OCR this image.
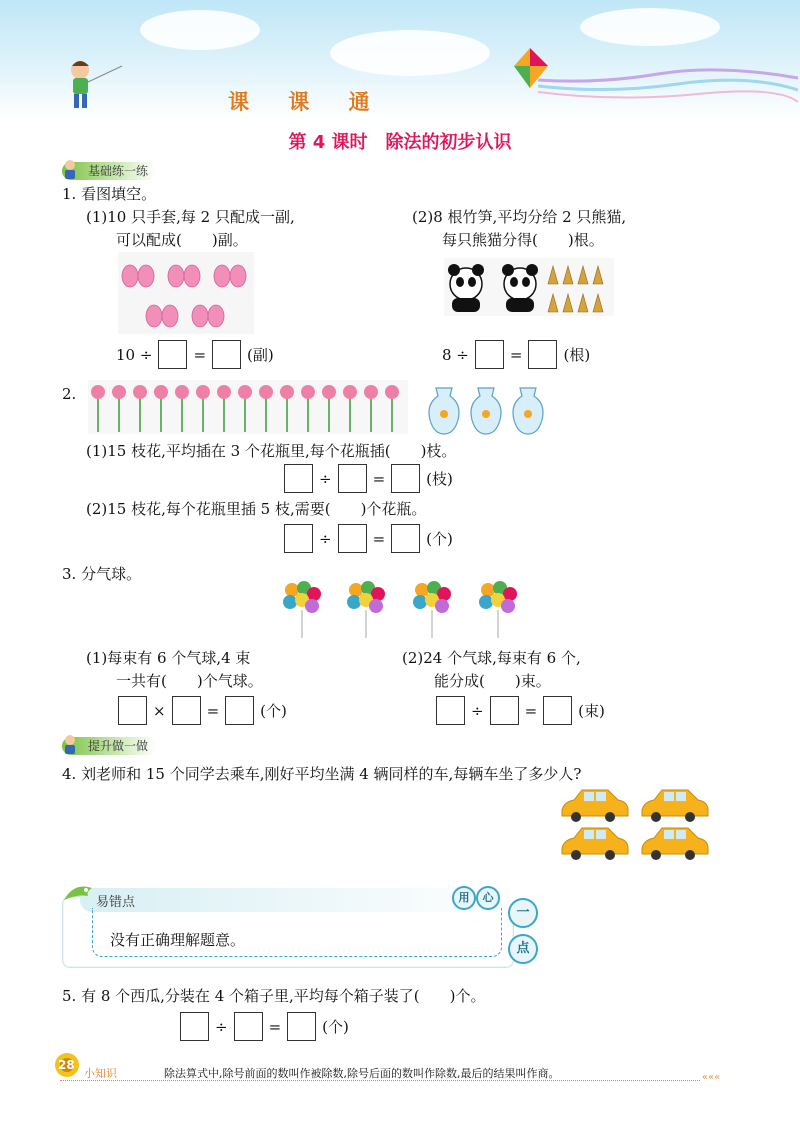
课 课 通
第 4 课时　除法的初步认识
基础练一练
1. 看图填空。
(1)10 只手套,每 2 只配成一副,
可以配成(　　)副。
(2)8 根竹笋,平均分给 2 只熊猫,
每只熊猫分得(　　)根。
10 ÷	=	(副)	8 ÷	=	(根)
2.
(1)15 枝花,平均插在 3 个花瓶里,每个花瓶插(　　)枝。
÷	=	(枝)
(2)15 枝花,每个花瓶里插 5 枝,需要(　　)个花瓶。
÷	=	(个)
3. 分气球。
(1)每束有 6 个气球,4 束
一共有(　　)个气球。
(2)24 个气球,每束有 6 个,
能分成(　　)束。
×	=	(个)	÷	=	(束)
提升做一做
4. 刘老师和 15 个同学去乘车,刚好平均坐满 4 辆同样的车,每辆车坐了多少人?
易错点	用	心
一
点
没有正确理解题意。
5. 有 8 个西瓜,分装在 4 个箱子里,平均每个箱子装了(　　)个。
÷	=	(个)
28
小知识	除法算式中,除号前面的数叫作被除数,除号后面的数叫作除数,最后的结果叫作商。	«««
